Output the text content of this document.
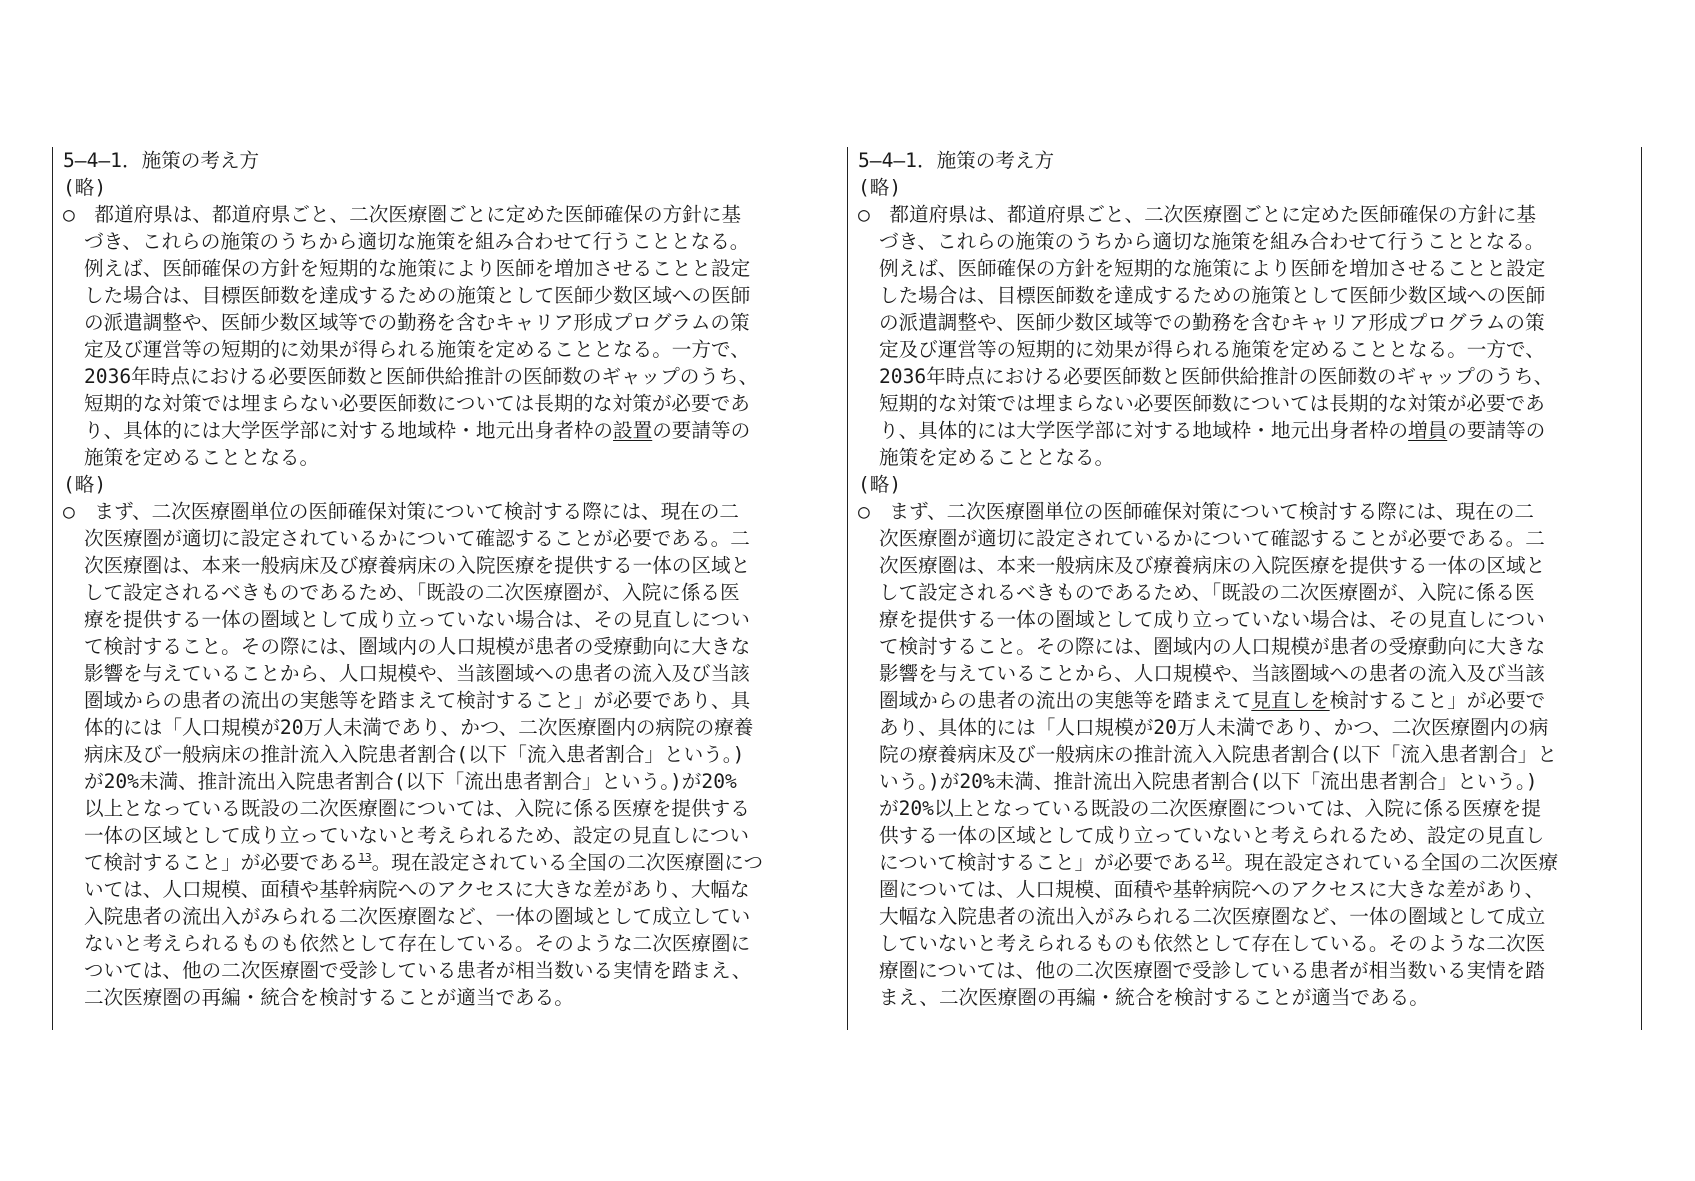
5―4―1．施策の考え方
(略)
○　都道府県は、都道府県ごと、二次医療圏ごとに定めた医師確保の方針に基
づき、これらの施策のうちから適切な施策を組み合わせて行うこととなる。
例えば、医師確保の方針を短期的な施策により医師を増加させることと設定
した場合は、目標医師数を達成するための施策として医師少数区域への医師
の派遣調整や、医師少数区域等での勤務を含むキャリア形成プログラムの策
定及び運営等の短期的に効果が得られる施策を定めることとなる。一方で、
2036年時点における必要医師数と医師供給推計の医師数のギャップのうち、
短期的な対策では埋まらない必要医師数については長期的な対策が必要であ
り、具体的には大学医学部に対する地域枠・地元出身者枠の設置の要請等の
施策を定めることとなる。
(略)
○　まず、二次医療圏単位の医師確保対策について検討する際には、現在の二
次医療圏が適切に設定されているかについて確認することが必要である。二
次医療圏は、本来一般病床及び療養病床の入院医療を提供する一体の区域と
して設定されるべきものであるため、「既設の二次医療圏が、入院に係る医
療を提供する一体の圏域として成り立っていない場合は、その見直しについ
て検討すること。その際には、圏域内の人口規模が患者の受療動向に大きな
影響を与えていることから、人口規模や、当該圏域への患者の流入及び当該
圏域からの患者の流出の実態等を踏まえて検討すること」が必要であり、具
体的には「人口規模が20万人未満であり、かつ、二次医療圏内の病院の療養
病床及び一般病床の推計流入入院患者割合(以下「流入患者割合」という。)
が20%未満、推計流出入院患者割合(以下「流出患者割合」という。)が20%
以上となっている既設の二次医療圏については、入院に係る医療を提供する
一体の区域として成り立っていないと考えられるため、設定の見直しについ
て検討すること」が必要である$^{13}$。現在設定されている全国の二次医療圏につ
いては、人口規模、面積や基幹病院へのアクセスに大きな差があり、大幅な
入院患者の流出入がみられる二次医療圏など、一体の圏域として成立してい
ないと考えられるものも依然として存在している。そのような二次医療圏に
ついては、他の二次医療圏で受診している患者が相当数いる実情を踏まえ、
二次医療圏の再編・統合を検討することが適当である。
5―4―1．施策の考え方
(略)
○　都道府県は、都道府県ごと、二次医療圏ごとに定めた医師確保の方針に基
づき、これらの施策のうちから適切な施策を組み合わせて行うこととなる。
例えば、医師確保の方針を短期的な施策により医師を増加させることと設定
した場合は、目標医師数を達成するための施策として医師少数区域への医師
の派遣調整や、医師少数区域等での勤務を含むキャリア形成プログラムの策
定及び運営等の短期的に効果が得られる施策を定めることとなる。一方で、
2036年時点における必要医師数と医師供給推計の医師数のギャップのうち、
短期的な対策では埋まらない必要医師数については長期的な対策が必要であ
り、具体的には大学医学部に対する地域枠・地元出身者枠の増員の要請等の
施策を定めることとなる。
(略)
○　まず、二次医療圏単位の医師確保対策について検討する際には、現在の二
次医療圏が適切に設定されているかについて確認することが必要である。二
次医療圏は、本来一般病床及び療養病床の入院医療を提供する一体の区域と
して設定されるべきものであるため、「既設の二次医療圏が、入院に係る医
療を提供する一体の圏域として成り立っていない場合は、その見直しについ
て検討すること。その際には、圏域内の人口規模が患者の受療動向に大きな
影響を与えていることから、人口規模や、当該圏域への患者の流入及び当該
圏域からの患者の流出の実態等を踏まえて見直しを検討すること」が必要で
あり、具体的には「人口規模が20万人未満であり、かつ、二次医療圏内の病
院の療養病床及び一般病床の推計流入入院患者割合(以下「流入患者割合」と
いう。)が20%未満、推計流出入院患者割合(以下「流出患者割合」という。)
が20%以上となっている既設の二次医療圏については、入院に係る医療を提
供する一体の区域として成り立っていないと考えられるため、設定の見直し
について検討すること」が必要である$^{12}$。現在設定されている全国の二次医療
圏については、人口規模、面積や基幹病院へのアクセスに大きな差があり、
大幅な入院患者の流出入がみられる二次医療圏など、一体の圏域として成立
していないと考えられるものも依然として存在している。そのような二次医
療圏については、他の二次医療圏で受診している患者が相当数いる実情を踏
まえ、二次医療圏の再編・統合を検討することが適当である。
